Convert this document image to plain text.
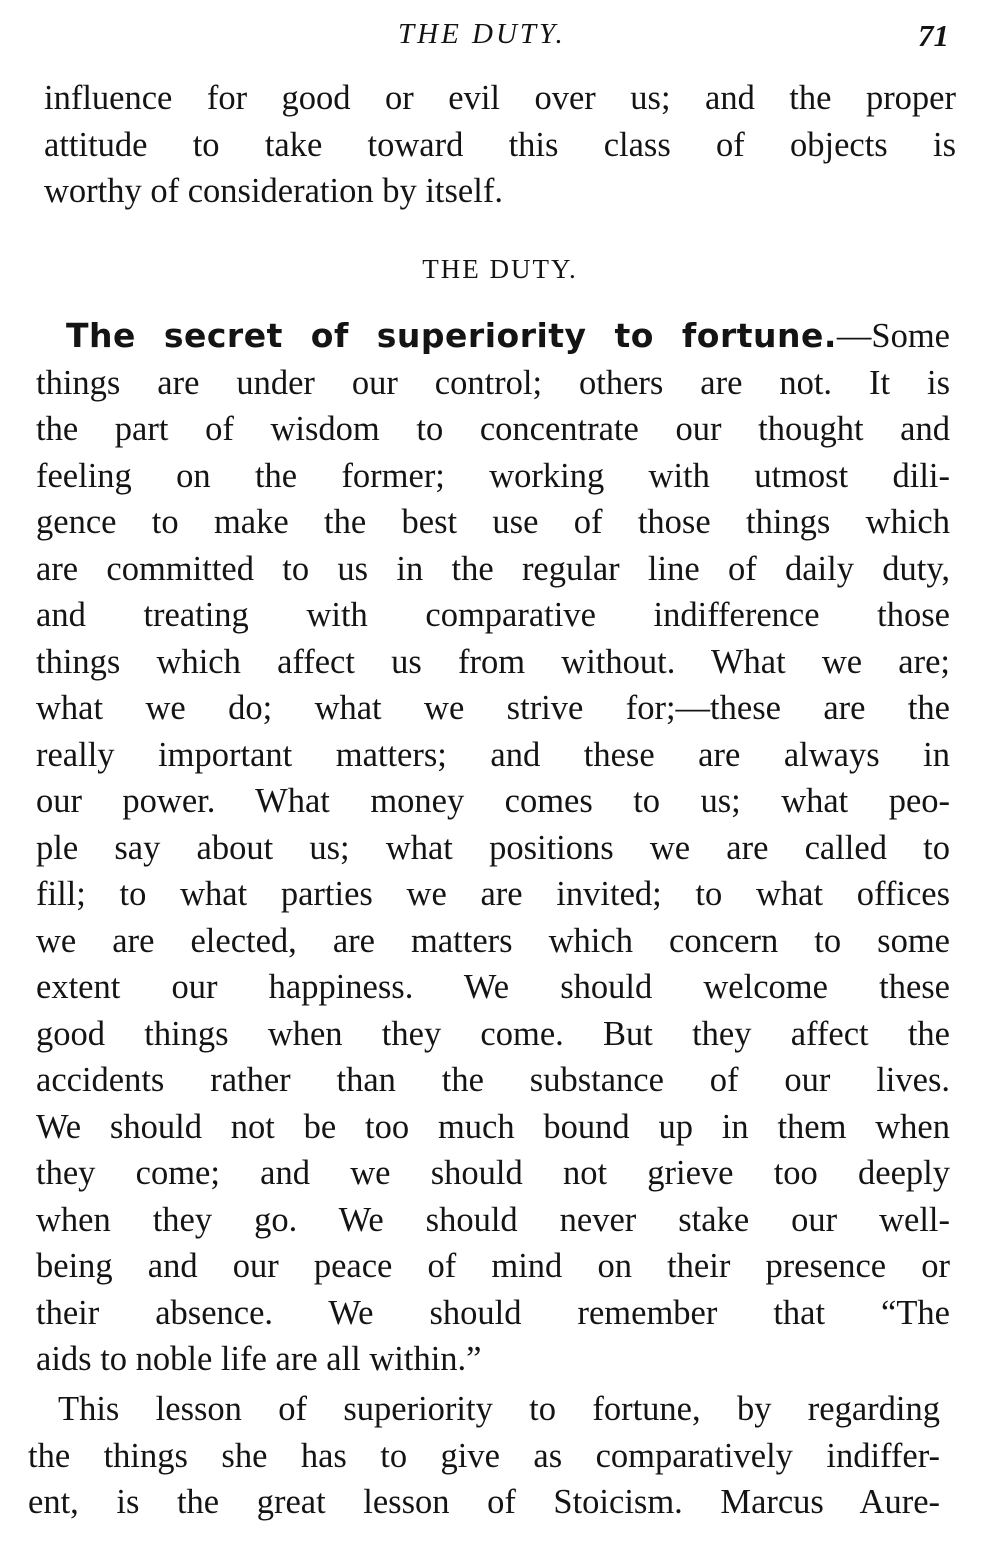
THE DUTY.	71
influence for good or evil over us; and the proper
attitude to take toward this class of objects is
worthy of consideration by itself.
THE DUTY.
The secret of superiority to fortune.—Some
things are under our control; others are not. It is
the part of wisdom to concentrate our thought and
feeling on the former; working with utmost dili-
gence to make the best use of those things which
are committed to us in the regular line of daily duty,
and treating with comparative indifference those
things which affect us from without. What we are;
what we do; what we strive for;—these are the
really important matters; and these are always in
our power. What money comes to us; what peo-
ple say about us; what positions we are called to
fill; to what parties we are invited; to what offices
we are elected, are matters which concern to some
extent our happiness. We should welcome these
good things when they come. But they affect the
accidents rather than the substance of our lives.
We should not be too much bound up in them when
they come; and we should not grieve too deeply
when they go. We should never stake our well-
being and our peace of mind on their presence or
their absence. We should remember that “The
aids to noble life are all within.”
This lesson of superiority to fortune, by regarding
the things she has to give as comparatively indiffer-
ent, is the great lesson of Stoicism. Marcus Aure-
